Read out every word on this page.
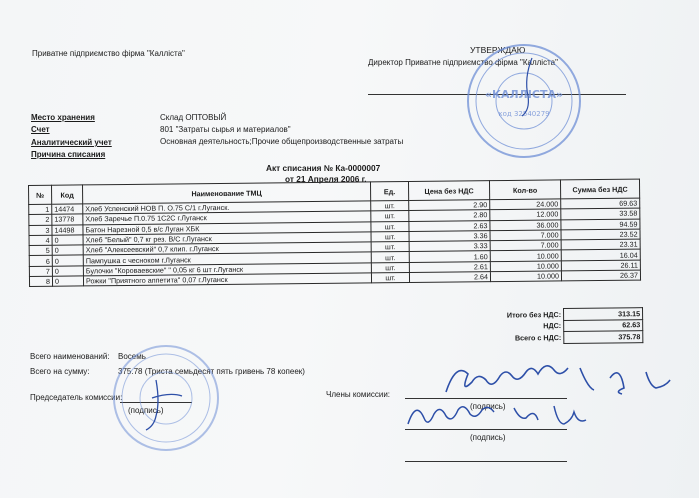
Приватне підприємство фірма "Калліста"	УТВЕРЖДАЮ
Директор Приватне підприємство фірма "Калліста"
Место хранения	Склад ОПТОВЫЙ
Счет	801 "Затраты сырья и материалов"
Аналитический учет	Основная деятельность;Прочие общепроизводственные затраты
Причина списания
Акт списания № Ка-0000007
от 21 Апреля 2006 г.
№	Код	Наименование ТМЦ	Ед.	Цена без НДС	Кол-во	Сумма без НДС
1	14474	Хлеб Успенский НОВ П. О.75 С/1 г.Луганск.	шт.	2.90	24.000	69.63
2	13778	Хлеб Заречье П.0.75 1С2С г.Луганск	шт.	2.80	12.000	33.58
3	14498	Батон Нарезной 0,5 в/с Луган ХБК	шт.	2.63	36.000	94.59
4	0	Хлеб "Белый" 0,7 кг рез. В/С г.Луганск	шт.	3.36	7.000	23.52
5	0	Хлеб "Алексеевский" 0,7 клип. г.Луганск	шт.	3.33	7.000	23.31
6	0	Пампушка с чесноком г.Луганск	шт.	1.60	10.000	16.04
7	0	Булочки "Короваевские" " 0,05 кг 6 шт г.Луганск	шт.	2.61	10.000	26.11
8	0	Рожки "Приятного аппетита" 0,07 г.Луганск	шт.	2.64	10.000	26.37
Итого без НДС:	313.15
НДС:	62.63
Всего с НДС:	375.78
Всего наименований: Восемь
Всего на сумму:	375.78 (Триста семьдесят пять гривень 78 копеек)
Председатель комиссии:
(подпись)
Члены комиссии:
(подпись)
(подпись)
«КАЛЛІСТА»
код 32540279
